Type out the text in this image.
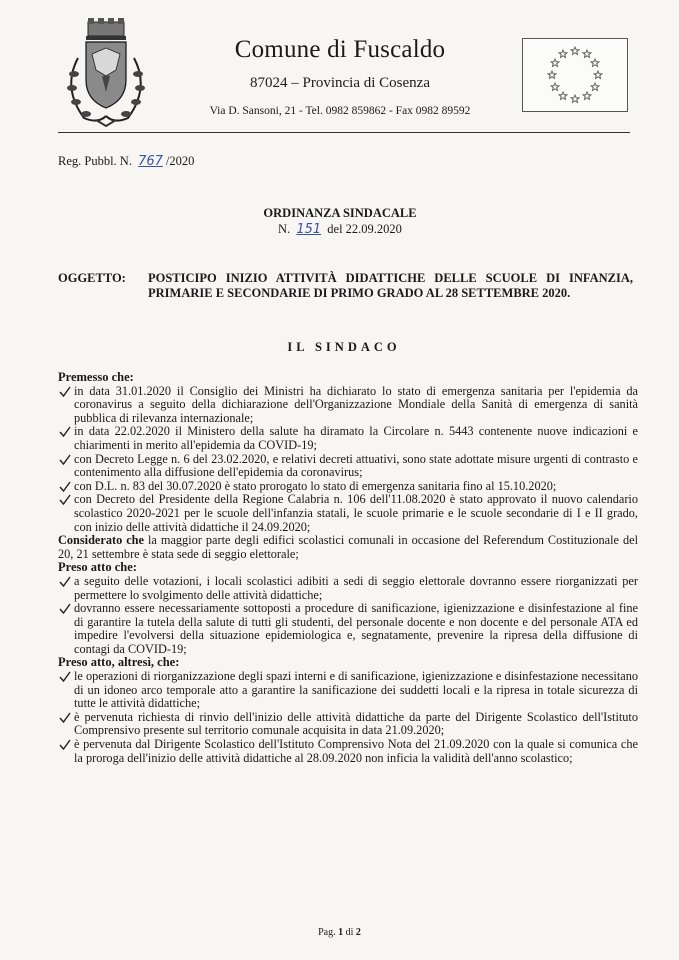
Comune di Fuscaldo
87024 – Provincia di Cosenza
Via D. Sansoni, 21 - Tel. 0982 859862 - Fax 0982 89592
Reg. Pubbl. N. 767 /2020
ORDINANZA SINDACALE
N. 151 del 22.09.2020
OGGETTO: POSTICIPO INIZIO ATTIVITÀ DIDATTICHE DELLE SCUOLE DI INFANZIA, PRIMARIE E SECONDARIE DI PRIMO GRADO AL 28 SETTEMBRE 2020.
IL SINDACO
Premesso che:
in data 31.01.2020 il Consiglio dei Ministri ha dichiarato lo stato di emergenza sanitaria per l'epidemia da coronavirus a seguito della dichiarazione dell'Organizzazione Mondiale della Sanità di emergenza di sanità pubblica di rilevanza internazionale;
in data 22.02.2020 il Ministero della salute ha diramato la Circolare n. 5443 contenente nuove indicazioni e chiarimenti in merito all'epidemia da COVID-19;
con Decreto Legge n. 6 del 23.02.2020, e relativi decreti attuativi, sono state adottate misure urgenti di contrasto e contenimento alla diffusione dell'epidemia da coronavirus;
con D.L. n. 83 del 30.07.2020 è stato prorogato lo stato di emergenza sanitaria fino al 15.10.2020;
con Decreto del Presidente della Regione Calabria n. 106 dell'11.08.2020 è stato approvato il nuovo calendario scolastico 2020-2021 per le scuole dell'infanzia statali, le scuole primarie e le scuole secondarie di I e II grado, con inizio delle attività didattiche il 24.09.2020;
Considerato che la maggior parte degli edifici scolastici comunali in occasione del Referendum Costituzionale del 20, 21 settembre è stata sede di seggio elettorale;
Preso atto che:
a seguito delle votazioni, i locali scolastici adibiti a sedi di seggio elettorale dovranno essere riorganizzati per permettere lo svolgimento delle attività didattiche;
dovranno essere necessariamente sottoposti a procedure di sanificazione, igienizzazione e disinfestazione al fine di garantire la tutela della salute di tutti gli studenti, del personale docente e non docente e del personale ATA ed impedire l'evolversi della situazione epidemiologica e, segnatamente, prevenire la ripresa della diffusione di contagi da COVID-19;
Preso atto, altresì, che:
le operazioni di riorganizzazione degli spazi interni e di sanificazione, igienizzazione e disinfestazione necessitano di un idoneo arco temporale atto a garantire la sanificazione dei suddetti locali e la ripresa in totale sicurezza di tutte le attività didattiche;
è pervenuta richiesta di rinvio dell'inizio delle attività didattiche da parte del Dirigente Scolastico dell'Istituto Comprensivo presente sul territorio comunale acquisita in data 21.09.2020;
è pervenuta dal Dirigente Scolastico dell'Istituto Comprensivo Nota del 21.09.2020 con la quale si comunica che la proroga dell'inizio delle attività didattiche al 28.09.2020 non inficia la validità dell'anno scolastico;
Pag. 1 di 2
